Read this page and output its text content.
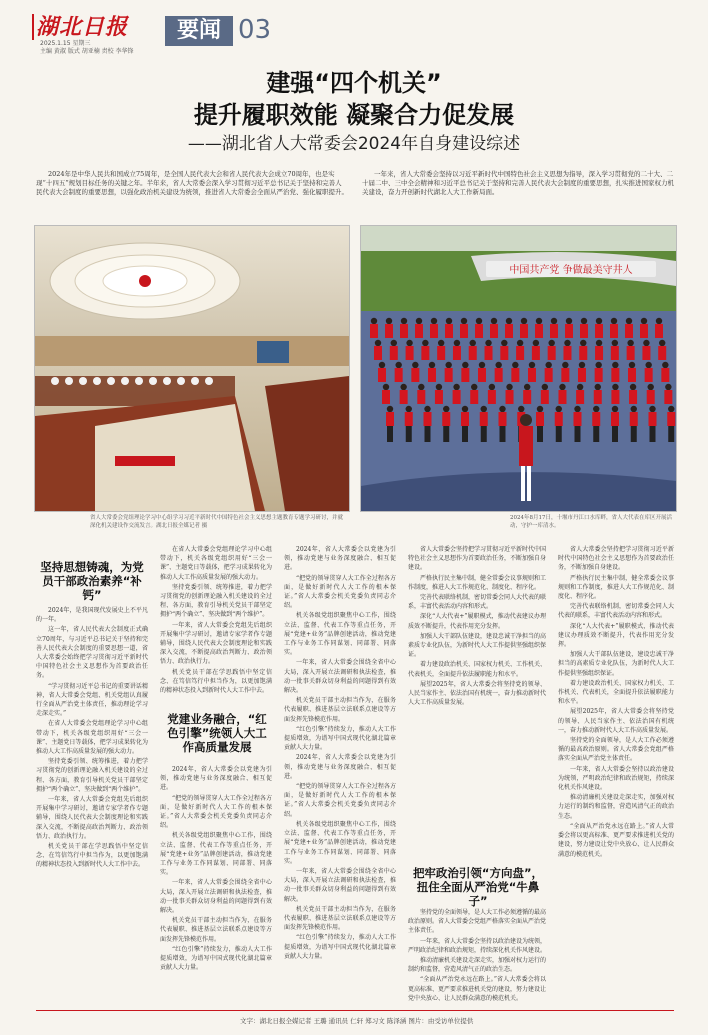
湖北日报
2025.1.15 星期三
主编 黄淑 版式 胡亚楠 责校 李华锋
要闻 03
建强“四个机关”
提升履职效能 凝聚合力促发展
——湖北省人大常委会2024年自身建设综述
2024年是中华人民共和国成立75周年，是全国人民代表大会和省人民代表大会成立70周年，也是实现“十四五”规划目标任务的关键之年。半年来，省人大常委会深入学习贯彻习近平总书记关于坚持和完善人民代表大会制度的重要思想，以强化政治机关建设为统领，推进省人大常委会全面从严治党、强化履职提升。
一年来，省人大常委会坚持以习近平新时代中国特色社会主义思想为指导，深入学习贯彻党的二十大、二十届二中、三中全会精神和习近平总书记关于坚持和完善人民代表大会制度的重要思想，扎实推进国家权力机关建设，奋力开创新时代湖北人大工作新局面。
省人大常委会党组理论学习中心组学习习近平新时代中国特色社会主义思想主题教育专题学习研讨，并就深化机关建设作交流发言。湖北日报全媒记者 摄
中国共产党 争做最美守井人
2024年8月17日，十堰市丹江口水库畔，省人大代表在库区开展活动，守护一库清水。
坚持思想铸魂，为党员干部政治素养“补钙”

2024年，是我国现代发展史上不平凡的一年。

这一年，省人民代表大会制度正式确立70周年，与习近平总书记关于坚持和完善人民代表大会制度的重要思想一道，省人大常委会始终把学习贯彻习近平新时代中国特色社会主义思想作为首要政治任务。

“学习贯彻习近平总书记的重要讲话精神，省人大常委会党组、机关党组认真履行全面从严治党主体责任，推动理论学习走深走实。”

在省人大常委会党组理论学习中心组带动下，机关各级党组织用好“三会一课”、主题党日等载体，把学习成果转化为推动人大工作高质量发展的强大动力。

坚持党委引领、统筹推进，着力把学习贯彻党的创新理论融入机关建设的全过程、各方面，教育引导机关党员干部坚定拥护“两个确立”、坚决做到“两个维护”。

一年来，省人大常委会党组先后组织开展集中学习研讨，邀请专家学者作专题辅导，围绕人民代表大会制度理论和实践深入交流，不断提高政治判断力、政治领悟力、政治执行力。

机关党员干部在学思践悟中坚定信念、在笃信笃行中担当作为，以更加饱满的精神状态投入到新时代人大工作中去。

在省人大常委会党组理论学习中心组带动下，机关各级党组织用好“三会一课”、主题党日等载体，把学习成果转化为推动人大工作高质量发展的强大动力。

坚持党委引领、统筹推进，着力把学习贯彻党的创新理论融入机关建设的全过程、各方面，教育引导机关党员干部坚定拥护“两个确立”、坚决做到“两个维护”。

一年来，省人大常委会党组先后组织开展集中学习研讨，邀请专家学者作专题辅导，围绕人民代表大会制度理论和实践深入交流，不断提高政治判断力、政治领悟力、政治执行力。

机关党员干部在学思践悟中坚定信念、在笃信笃行中担当作为，以更加饱满的精神状态投入到新时代人大工作中去。

党建业务融合，“红色引擎”统领人大工作高质量发展

2024年，省人大常委会以党建为引领，推动党建与业务深度融合、相互促进。

“把党的领导贯穿人大工作全过程各方面，是做好新时代人大工作的根本保证。”省人大常委会机关党委负责同志介绍。

机关各级党组织聚焦中心工作，围绕立法、监督、代表工作等重点任务，开展“党建+业务”品牌创建活动，推动党建工作与业务工作同谋划、同部署、同落实。

一年来，省人大常委会围绕全省中心大局，深入开展立法调研和执法检查，推动一批事关群众切身利益的问题得到有效解决。

机关党员干部主动担当作为，在服务代表履职、推进基层立法联系点建设等方面发挥先锋模范作用。

“红色引擎”持续发力，推动人大工作提质增效，为谱写中国式现代化湖北篇章贡献人大力量。

2024年，省人大常委会以党建为引领，推动党建与业务深度融合、相互促进。

“把党的领导贯穿人大工作全过程各方面，是做好新时代人大工作的根本保证。”省人大常委会机关党委负责同志介绍。

机关各级党组织聚焦中心工作，围绕立法、监督、代表工作等重点任务，开展“党建+业务”品牌创建活动，推动党建工作与业务工作同谋划、同部署、同落实。

一年来，省人大常委会围绕全省中心大局，深入开展立法调研和执法检查，推动一批事关群众切身利益的问题得到有效解决。

机关党员干部主动担当作为，在服务代表履职、推进基层立法联系点建设等方面发挥先锋模范作用。

“红色引擎”持续发力，推动人大工作提质增效，为谱写中国式现代化湖北篇章贡献人大力量。

2024年，省人大常委会以党建为引领，推动党建与业务深度融合、相互促进。

“把党的领导贯穿人大工作全过程各方面，是做好新时代人大工作的根本保证。”省人大常委会机关党委负责同志介绍。

机关各级党组织聚焦中心工作，围绕立法、监督、代表工作等重点任务，开展“党建+业务”品牌创建活动，推动党建工作与业务工作同谋划、同部署、同落实。

一年来，省人大常委会围绕全省中心大局，深入开展立法调研和执法检查，推动一批事关群众切身利益的问题得到有效解决。

机关党员干部主动担当作为，在服务代表履职、推进基层立法联系点建设等方面发挥先锋模范作用。

“红色引擎”持续发力，推动人大工作提质增效，为谱写中国式现代化湖北篇章贡献人大力量。

省人大常委会坚持把学习贯彻习近平新时代中国特色社会主义思想作为首要政治任务，不断加强自身建设。

严格执行民主集中制，健全常委会议事规则和工作制度，推进人大工作规范化、制度化、程序化。

完善代表联络机制，密切常委会同人大代表的联系，丰富代表活动内容和形式。

深化“人大代表+”履职模式，推动代表建议办理质效不断提升，代表作用充分发挥。

加强人大干部队伍建设，建设忠诚干净担当的高素质专业化队伍，为新时代人大工作提供坚强组织保证。

着力建设政治机关、国家权力机关、工作机关、代表机关，全面提升依法履职能力和水平。

展望2025年，省人大常委会将坚持党的领导、人民当家作主、依法治国有机统一，奋力推动新时代人大工作高质量发展。

把牢政治引领“方向盘”，扭住全面从严治党“牛鼻子”

坚持党的全面领导，是人大工作必须遵循的最高政治原则。省人大常委会党组严格落实全面从严治党主体责任。

一年来，省人大常委会坚持以政治建设为统领，严明政治纪律和政治规矩，持续深化机关作风建设。

推动清廉机关建设走深走实，加强对权力运行的制约和监督，营造风清气正的政治生态。

“全面从严治党永远在路上。”省人大常委会将以更高标准、更严要求推进机关党的建设，努力建设让党中央放心、让人民群众满意的模范机关。

省人大常委会坚持把学习贯彻习近平新时代中国特色社会主义思想作为首要政治任务，不断加强自身建设。

严格执行民主集中制，健全常委会议事规则和工作制度，推进人大工作规范化、制度化、程序化。

完善代表联络机制，密切常委会同人大代表的联系，丰富代表活动内容和形式。

深化“人大代表+”履职模式，推动代表建议办理质效不断提升，代表作用充分发挥。

加强人大干部队伍建设，建设忠诚干净担当的高素质专业化队伍，为新时代人大工作提供坚强组织保证。

着力建设政治机关、国家权力机关、工作机关、代表机关，全面提升依法履职能力和水平。

展望2025年，省人大常委会将坚持党的领导、人民当家作主、依法治国有机统一，奋力推动新时代人大工作高质量发展。

坚持党的全面领导，是人大工作必须遵循的最高政治原则。省人大常委会党组严格落实全面从严治党主体责任。

一年来，省人大常委会坚持以政治建设为统领，严明政治纪律和政治规矩，持续深化机关作风建设。

推动清廉机关建设走深走实，加强对权力运行的制约和监督，营造风清气正的政治生态。

“全面从严治党永远在路上。”省人大常委会将以更高标准、更严要求推进机关党的建设，努力建设让党中央放心、让人民群众满意的模范机关。

文字：湖北日报全媒记者 王璐 通讯员 仁轩 郑习文 陈泽涵 图片：由受访单位提供
